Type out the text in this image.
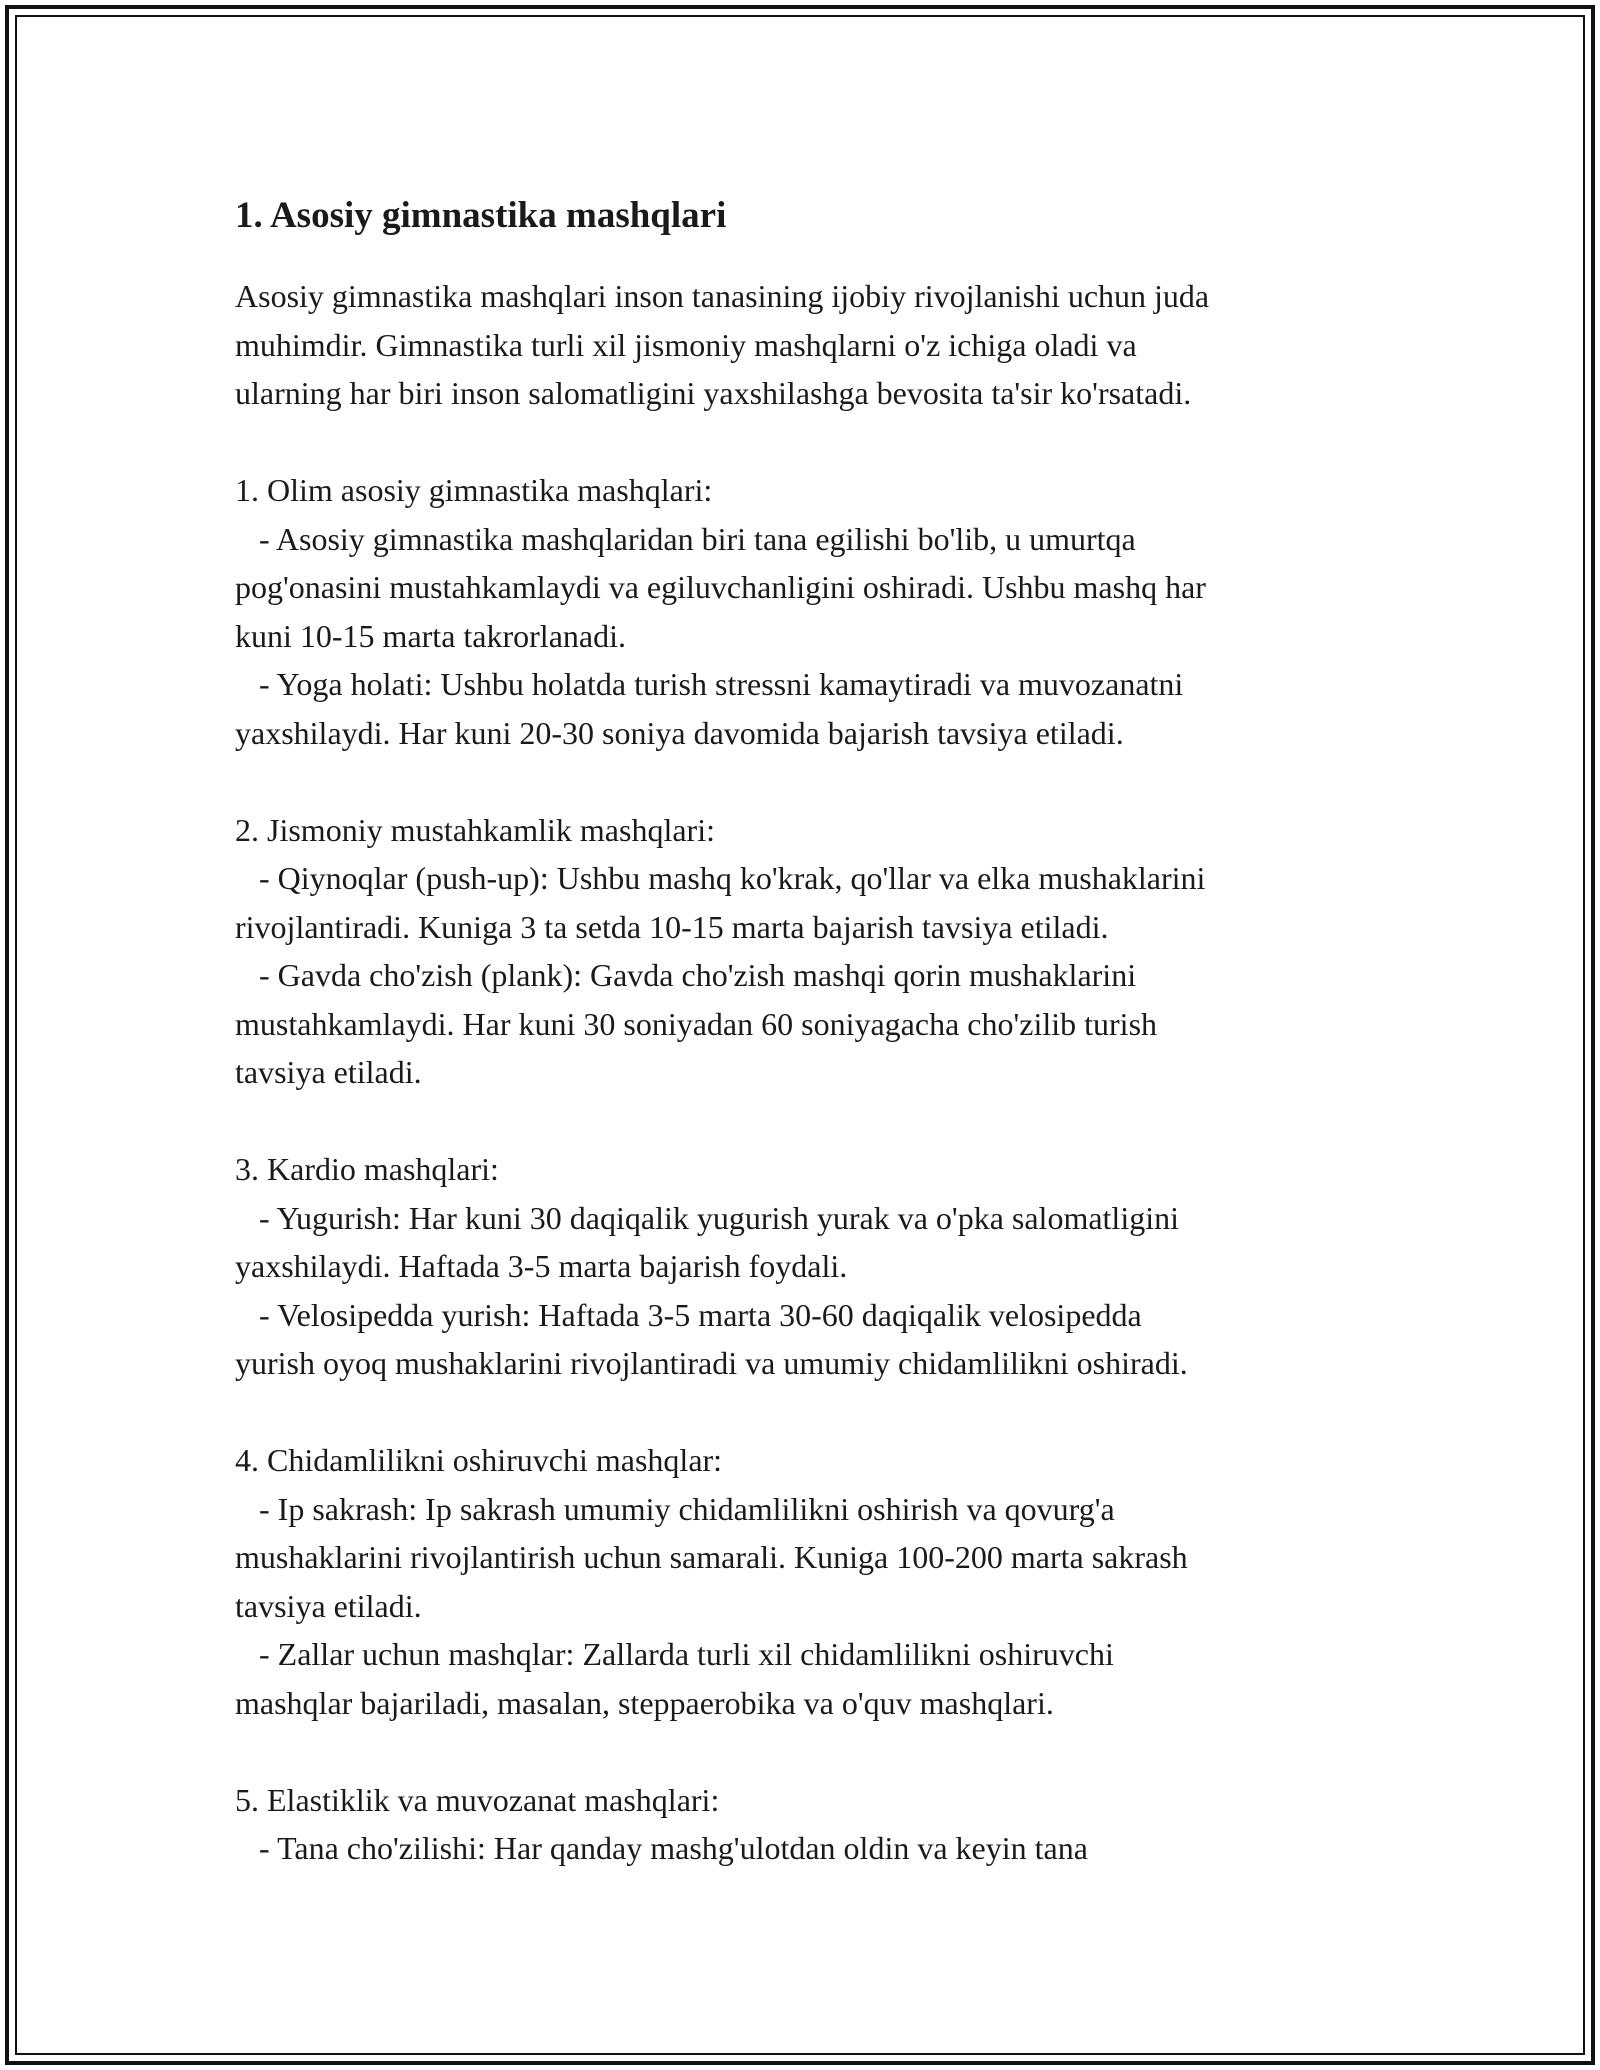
1. Asosiy gimnastika mashqlari

Asosiy gimnastika mashqlari inson tanasining ijobiy rivojlanishi uchun juda
muhimdir. Gimnastika turli xil jismoniy mashqlarni o'z ichiga oladi va
ularning har biri inson salomatligini yaxshilashga bevosita ta'sir ko'rsatadi.

1. Olim asosiy gimnastika mashqlari:
- Asosiy gimnastika mashqlaridan biri tana egilishi bo'lib, u umurtqa
pog'onasini mustahkamlaydi va egiluvchanligini oshiradi. Ushbu mashq har
kuni 10-15 marta takrorlanadi.
- Yoga holati: Ushbu holatda turish stressni kamaytiradi va muvozanatni
yaxshilaydi. Har kuni 20-30 soniya davomida bajarish tavsiya etiladi.

2. Jismoniy mustahkamlik mashqlari:
- Qiynoqlar (push-up): Ushbu mashq ko'krak, qo'llar va elka mushaklarini
rivojlantiradi. Kuniga 3 ta setda 10-15 marta bajarish tavsiya etiladi.
- Gavda cho'zish (plank): Gavda cho'zish mashqi qorin mushaklarini
mustahkamlaydi. Har kuni 30 soniyadan 60 soniyagacha cho'zilib turish
tavsiya etiladi.

3. Kardio mashqlari:
- Yugurish: Har kuni 30 daqiqalik yugurish yurak va o'pka salomatligini
yaxshilaydi. Haftada 3-5 marta bajarish foydali.
- Velosipedda yurish: Haftada 3-5 marta 30-60 daqiqalik velosipedda
yurish oyoq mushaklarini rivojlantiradi va umumiy chidamlilikni oshiradi.

4. Chidamlilikni oshiruvchi mashqlar:
- Ip sakrash: Ip sakrash umumiy chidamlilikni oshirish va qovurg'a
mushaklarini rivojlantirish uchun samarali. Kuniga 100-200 marta sakrash
tavsiya etiladi.
- Zallar uchun mashqlar: Zallarda turli xil chidamlilikni oshiruvchi
mashqlar bajariladi, masalan, steppaerobika va o'quv mashqlari.

5. Elastiklik va muvozanat mashqlari:
- Tana cho'zilishi: Har qanday mashg'ulotdan oldin va keyin tana
